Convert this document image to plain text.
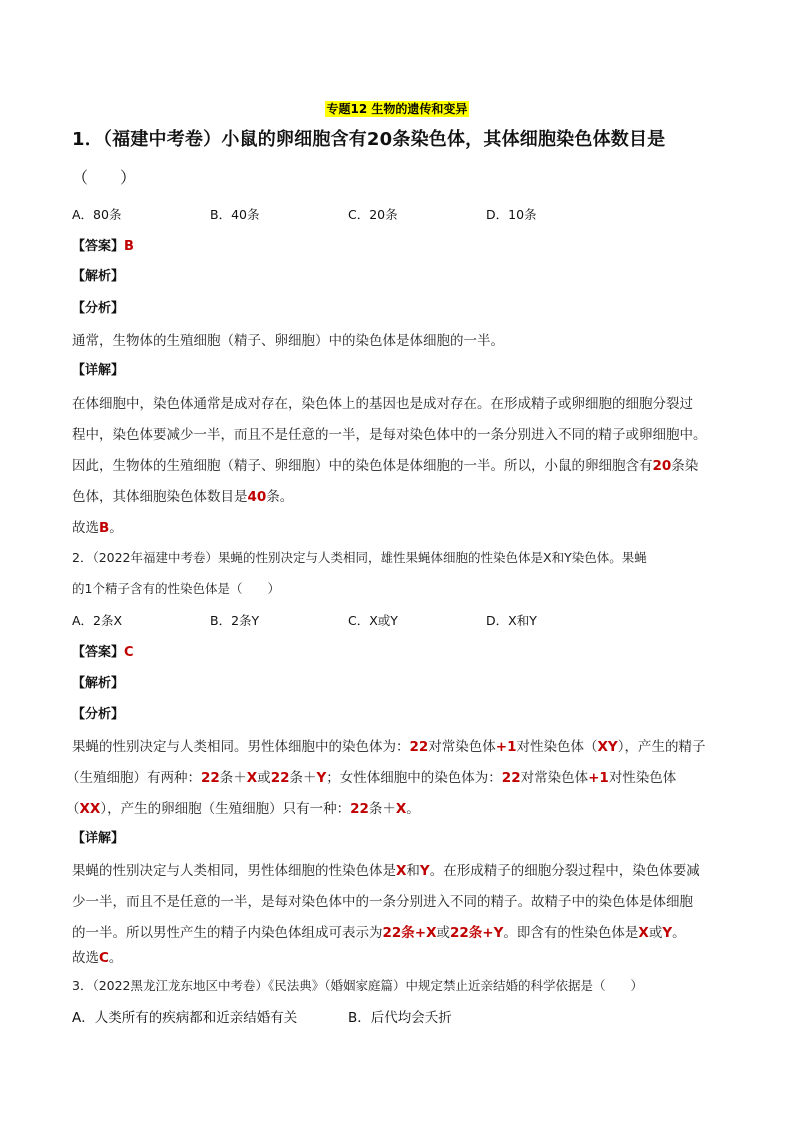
专题12 生物的遗传和变异
1．（福建中考卷）小鼠的卵细胞含有20条染色体，其体细胞染色体数目是
（　　）
A．80条	B．40条	C．20条	D．10条
【答案】B
【解析】
【分析】
通常，生物体的生殖细胞（精子、卵细胞）中的染色体是体细胞的一半。
【详解】
在体细胞中，染色体通常是成对存在，染色体上的基因也是成对存在。在形成精子或卵细胞的细胞分裂过
程中，染色体要减少一半，而且不是任意的一半，是每对染色体中的一条分别进入不同的精子或卵细胞中。
因此，生物体的生殖细胞（精子、卵细胞）中的染色体是体细胞的一半。所以，小鼠的卵细胞含有20条染
色体，其体细胞染色体数目是40条。
故选B。
2．（2022年福建中考卷）果蝇的性别决定与人类相同，雄性果蝇体细胞的性染色体是X和Y染色体。果蝇
的1个精子含有的性染色体是（　　）
A．2条X	B．2条Y	C．X或Y	D．X和Y
【答案】C
【解析】
【分析】
果蝇的性别决定与人类相同。男性体细胞中的染色体为：22对常染色体+1对性染色体（XY），产生的精子
（生殖细胞）有两种：22条＋X或22条＋Y；女性体细胞中的染色体为：22对常染色体+1对性染色体
（XX），产生的卵细胞（生殖细胞）只有一种：22条＋X。
【详解】
果蝇的性别决定与人类相同，男性体细胞的性染色体是X和Y。在形成精子的细胞分裂过程中，染色体要减
少一半，而且不是任意的一半，是每对染色体中的一条分别进入不同的精子。故精子中的染色体是体细胞
的一半。所以男性产生的精子内染色体组成可表示为22条+X或22条+Y。即含有的性染色体是X或Y。
故选C。
3．（2022黑龙江龙东地区中考卷）《民法典》（婚姻家庭篇）中规定禁止近亲结婚的科学依据是（　　）
A．人类所有的疾病都和近亲结婚有关	B．后代均会夭折
